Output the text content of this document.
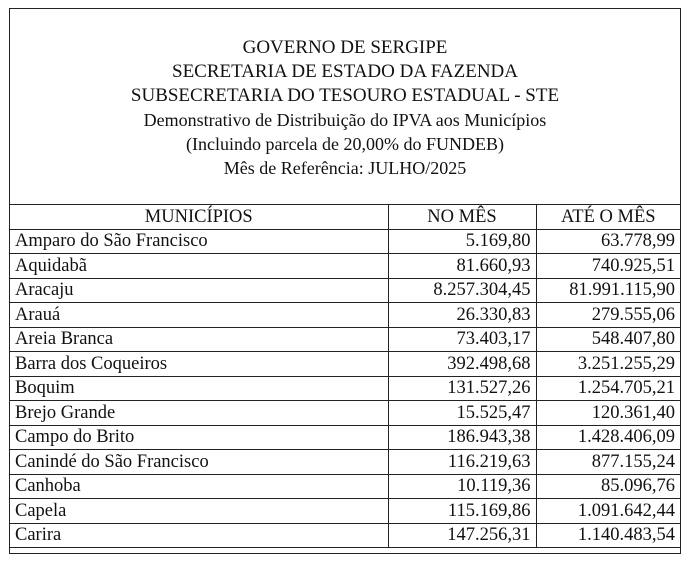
GOVERNO DE SERGIPE
SECRETARIA DE ESTADO DA FAZENDA
SUBSECRETARIA DO TESOURO ESTADUAL - STE
Demonstrativo de Distribuição do IPVA aos Municípios
(Incluindo parcela de 20,00% do FUNDEB)
Mês de Referência: JULHO/2025
MUNICÍPIOS	NO MÊS	ATÉ O MÊS
Amparo do São Francisco	5.169,80	63.778,99
Aquidabã	81.660,93	740.925,51
Aracaju	8.257.304,45	81.991.115,90
Arauá	26.330,83	279.555,06
Areia Branca	73.403,17	548.407,80
Barra dos Coqueiros	392.498,68	3.251.255,29
Boquim	131.527,26	1.254.705,21
Brejo Grande	15.525,47	120.361,40
Campo do Brito	186.943,38	1.428.406,09
Canindé do São Francisco	116.219,63	877.155,24
Canhoba	10.119,36	85.096,76
Capela	115.169,86	1.091.642,44
Carira	147.256,31	1.140.483,54
